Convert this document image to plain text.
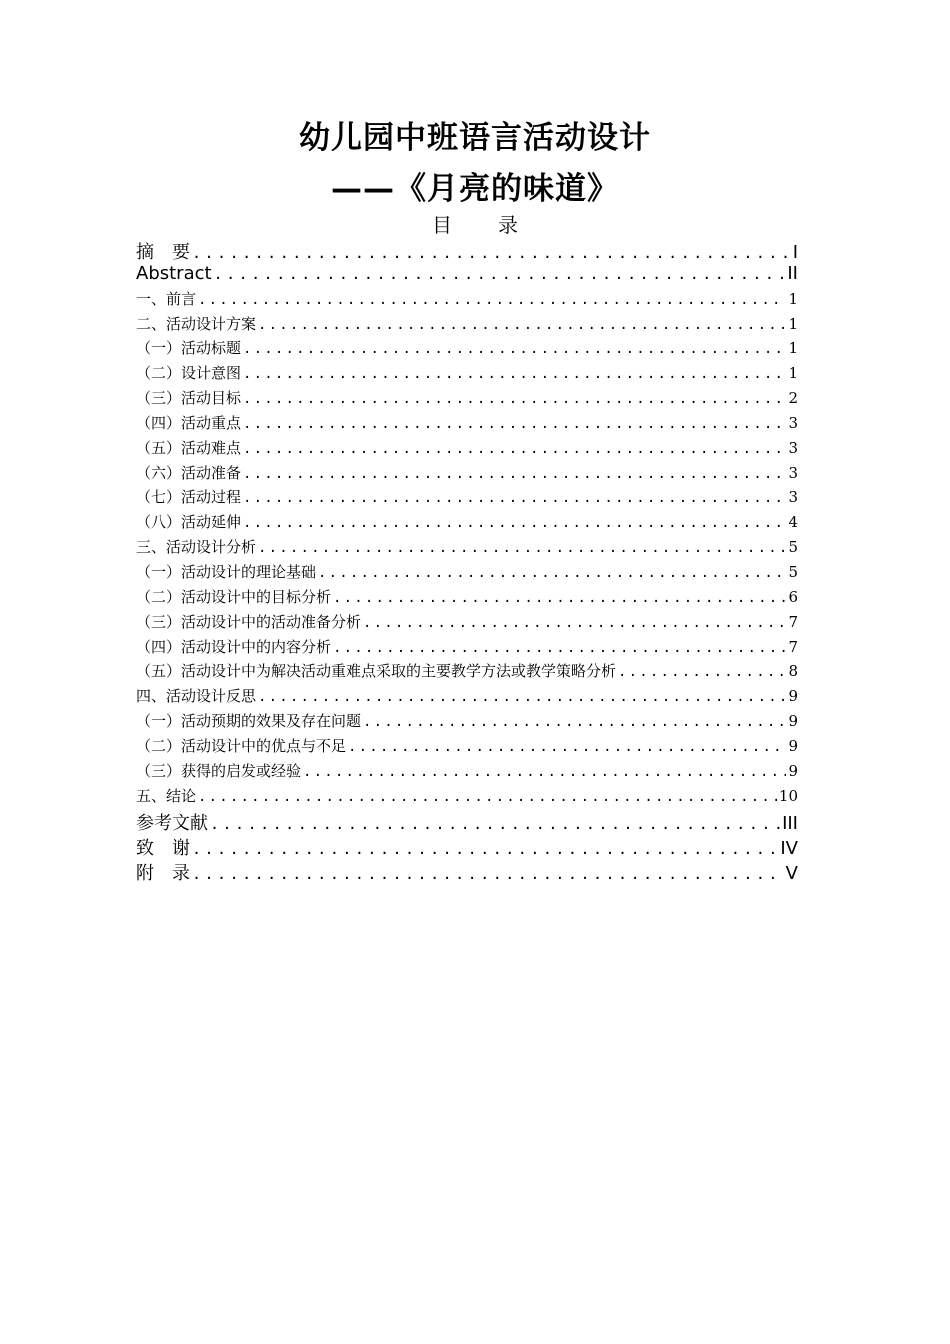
幼儿园中班语言活动设计
——《月亮的味道》
目录
摘　要 .....	I
Abstract .....	II
一、前言 .....	1
二、活动设计方案 .....	1
（一）活动标题 .....	1
（二）设计意图 .....	1
（三）活动目标 .....	2
（四）活动重点 .....	3
（五）活动难点 .....	3
（六）活动准备 .....	3
（七）活动过程 .....	3
（八）活动延伸 .....	4
三、活动设计分析 .....	5
（一）活动设计的理论基础 .....	5
（二）活动设计中的目标分析 .....	6
（三）活动设计中的活动准备分析 .....	7
（四）活动设计中的内容分析 .....	7
（五）活动设计中为解决活动重难点采取的主要教学方法或教学策略分析 .....	8
四、活动设计反思 .....	9
（一）活动预期的效果及存在问题 .....	9
（二）活动设计中的优点与不足 .....	9
（三）获得的启发或经验 .....	9
五、结论 .....	10
参考文献 .....	III
致　谢 .....	IV
附　录 .....	V
